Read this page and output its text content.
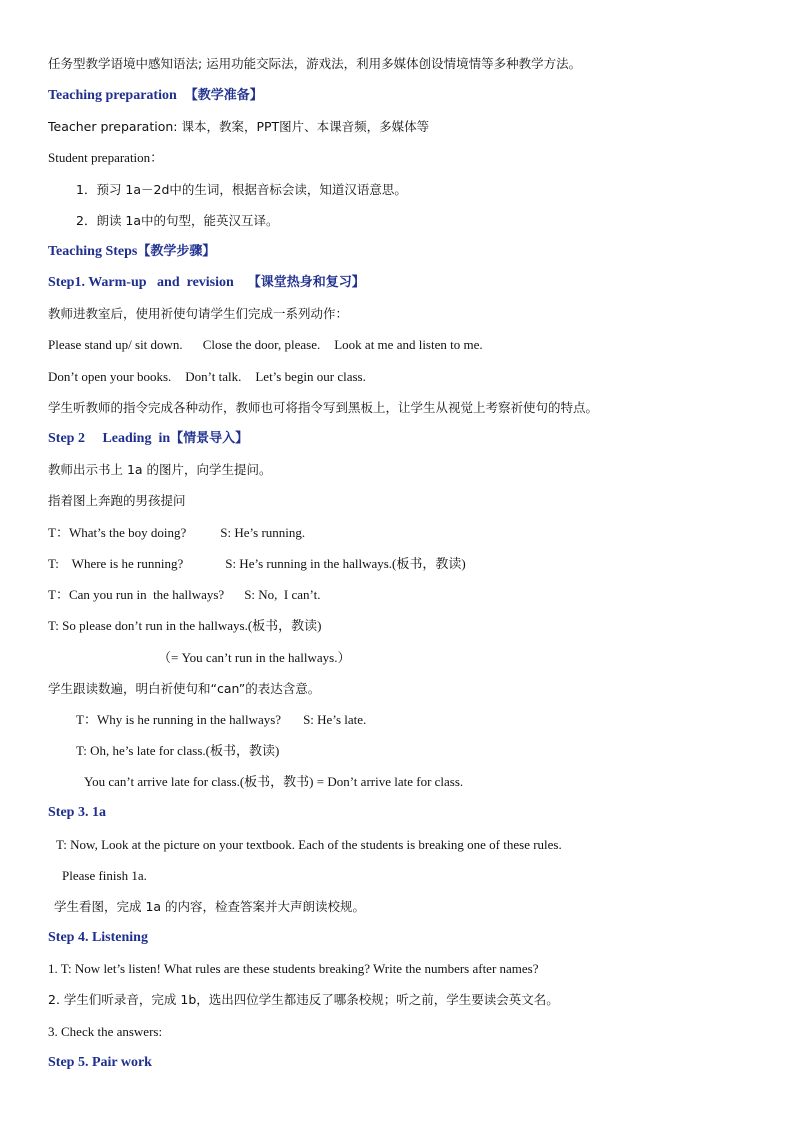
任务型教学语境中感知语法; 运用功能交际法，游戏法，利用多媒体创设情境情等多种教学方法。
Teaching preparation 【教学准备】
Teacher preparation: 课本，教案，PPT图片、本课音频，多媒体等
Student preparation：
1．预习 1a－2d中的生词，根据音标会读，知道汉语意思。
2．朗读 1a中的句型，能英汉互译。
Teaching Steps【教学步骤】
Step1. Warm-up   and  revision 【课堂热身和复习】
教师进教室后，使用祈使句请学生们完成一系列动作：
Please stand up/ sit down. Close the door, please. Look at me and listen to me.
Don’t open your books. Don’t talk. Let’s begin our class.
学生听教师的指令完成各种动作，教师也可将指令写到黑板上，让学生从视觉上考察祈使句的特点。
Step 2     Leading  in【情景导入】
教师出示书上 1a 的图片，向学生提问。
指着图上奔跑的男孩提问
T：What’s the boy doing?	S: He’s running.
T:    Where is he running?	S: He’s running in the hallways.(板书，教读)
T：Can you run in  the hallways? S: No,  I can’t.
T: So please don’t run in the hallways.(板书，教读)
（= You can’t run in the hallways.）
学生跟读数遍，明白祈使句和“can”的表达含意。
T：Why is he running in the hallways? S: He’s late.
T: Oh, he’s late for class.(板书，教读)
You can’t arrive late for class.(板书，教书) = Don’t arrive late for class.
Step 3. 1a
T: Now, Look at the picture on your textbook. Each of the students is breaking one of these rules.
Please finish 1a.
学生看图，完成 1a 的内容，检查答案并大声朗读校规。
Step 4. Listening
1. T: Now let’s listen! What rules are these students breaking? Write the numbers after names?
2. 学生们听录音，完成 1b，选出四位学生都违反了哪条校规；听之前，学生要读会英文名。
3. Check the answers:
Step 5. Pair work
